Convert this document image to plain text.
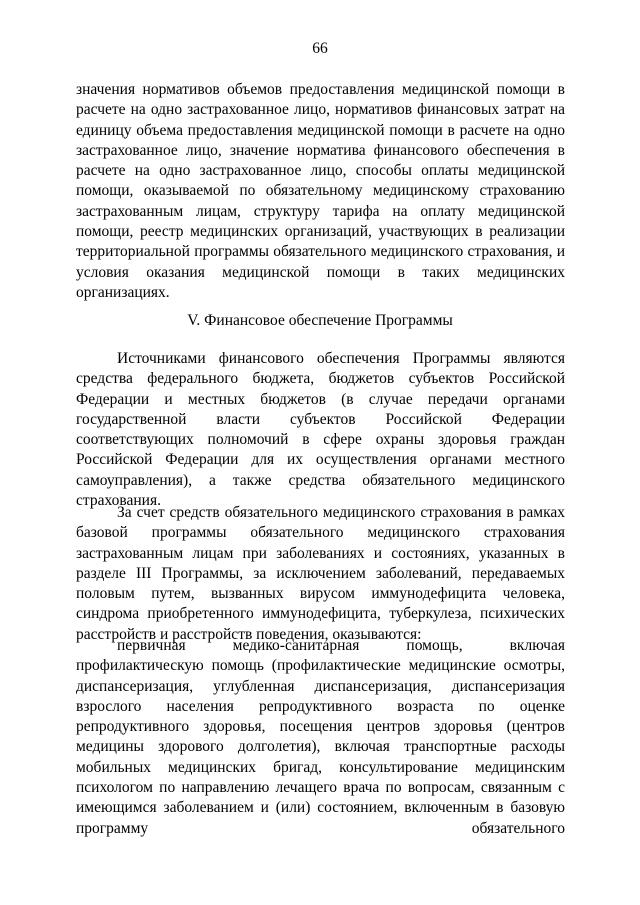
66

значения нормативов объемов предоставления медицинской помощи в расчете на одно застрахованное лицо, нормативов финансовых затрат на единицу объема предоставления медицинской помощи в расчете на одно застрахованное лицо, значение норматива финансового обеспечения в расчете на одно застрахованное лицо, способы оплаты медицинской помощи, оказываемой по обязательному медицинскому страхованию застрахованным лицам, структуру тарифа на оплату медицинской помощи, реестр медицинских организаций, участвующих в реализации территориальной программы обязательного медицинского страхования, и условия оказания медицинской помощи в таких медицинских организациях.

V. Финансовое обеспечение Программы

Источниками финансового обеспечения Программы являются средства федерального бюджета, бюджетов субъектов Российской Федерации и местных бюджетов (в случае передачи органами государственной власти субъектов Российской Федерации соответствующих полномочий в сфере охраны здоровья граждан Российской Федерации для их осуществления органами местного самоуправления), а также средства обязательного медицинского страхования.

За счет средств обязательного медицинского страхования в рамках базовой программы обязательного медицинского страхования застрахованным лицам при заболеваниях и состояниях, указанных в разделе III Программы, за исключением заболеваний, передаваемых половым путем, вызванных вирусом иммунодефицита человека, синдрома приобретенного иммунодефицита, туберкулеза, психических расстройств и расстройств поведения, оказываются:

первичная медико-санитарная помощь, включая профилактическую помощь (профилактические медицинские осмотры, диспансеризация, углубленная диспансеризация, диспансеризация взрослого населения репродуктивного возраста по оценке репродуктивного здоровья, посещения центров здоровья (центров медицины здорового долголетия), включая транспортные расходы мобильных медицинских бригад, консультирование медицинским психологом по направлению лечащего врача по вопросам, связанным с имеющимся заболеванием и (или) состоянием, включенным в базовую программу обязательного
